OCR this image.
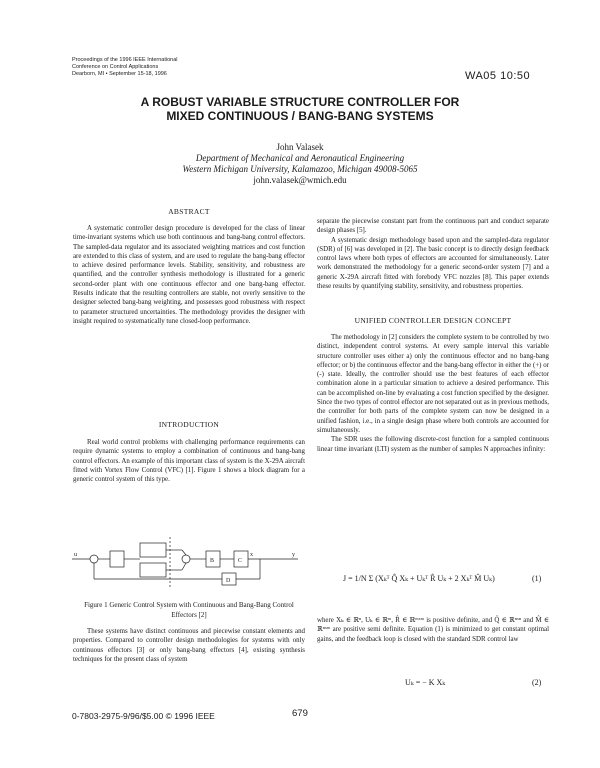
Proceedings of the 1996 IEEE International
Conference on Control Applications
Dearborn, MI • September 15-18, 1996	WA05 10:50
A ROBUST VARIABLE STRUCTURE CONTROLLER FOR
MIXED CONTINUOUS / BANG-BANG SYSTEMS
John Valasek
Department of Mechanical and Aeronautical Engineering
Western Michigan University, Kalamazoo, Michigan 49008-5065
john.valasek@wmich.edu
ABSTRACT

A systematic controller design procedure is developed for the class of linear time-invariant systems which use both continuous and bang-bang control effectors. The sampled-data regulator and its associated weighting matrices and cost function are extended to this class of system, and are used to regulate the bang-bang effector to achieve desired performance levels. Stability, sensitivity, and robustness are quantified, and the controller synthesis methodology is illustrated for a generic second-order plant with one continuous effector and one bang-bang effector. Results indicate that the resulting controllers are stable, not overly sensitive to the designer selected bang-bang weighting, and possesses good robustness with respect to parameter structured uncertainties. The methodology provides the designer with insight required to systematically tune closed-loop performance.

INTRODUCTION

Real world control problems with challenging performance requirements can require dynamic systems to employ a combination of continuous and bang-bang control effectors. An example of this important class of system is the X-29A aircraft fitted with Vortex Flow Control (VFC) [1]. Figure 1 shows a block diagram for a generic control system of this type.

u	x	y
B	C
D
Figure 1 Generic Control System with Continuous and Bang-Bang Control Effectors [2]

These systems have distinct continuous and piecewise constant elements and properties. Compared to controller design methodologies for systems with only continuous effectors [3] or only bang-bang effectors [4], existing synthesis techniques for the present class of system

separate the piecewise constant part from the continuous part and conduct separate design phases [5].

A systematic design methodology based upon and the sampled-data regulator (SDR) of [6] was developed in [2]. The basic concept is to directly design feedback control laws where both types of effectors are accounted for simultaneously. Later work demonstrated the methodology for a generic second-order system [7] and a generic X-29A aircraft fitted with forebody VFC nozzles [8]. This paper extends these results by quantifying stability, sensitivity, and robustness properties.

UNIFIED CONTROLLER DESIGN CONCEPT

The methodology in [2] considers the complete system to be controlled by two distinct, independent control systems. At every sample interval this variable structure controller uses either a) only the continuous effector and no bang-bang effector; or b) the continuous effector and the bang-bang effector in either the (+) or (-) state. Ideally, the controller should use the best features of each effector combination alone in a particular situation to achieve a desired performance. This can be accomplished on-line by evaluating a cost function specified by the designer. Since the two types of control effector are not separated out as in previous methods, the controller for both parts of the complete system can now be designed in a unified fashion, i.e., in a single design phase where both controls are accounted for simultaneously.

The SDR uses the following discrete-cost function for a sampled continuous linear time invariant (LTI) system as the number of samples N approaches infinity:

J = 1/N Σ (Xₖᵀ Q̂ Xₖ + Uₖᵀ R̂ Uₖ + 2 Xₖᵀ M̂ Uₖ)	(1)

where Xₖ ∈ ℝⁿ, Uₖ ∈ ℝᵐ, R̂ ∈ ℝᵐˣᵐ is positive definite, and Q̂ ∈ ℝⁿˣⁿ and M̂ ∈ ℝⁿˣᵐ are positive semi definite. Equation (1) is minimized to get constant optimal gains, and the feedback loop is closed with the standard SDR control law

Uₖ = − K Xₖ	(2)
0-7803-2975-9/96/$5.00 © 1996 IEEE	679
